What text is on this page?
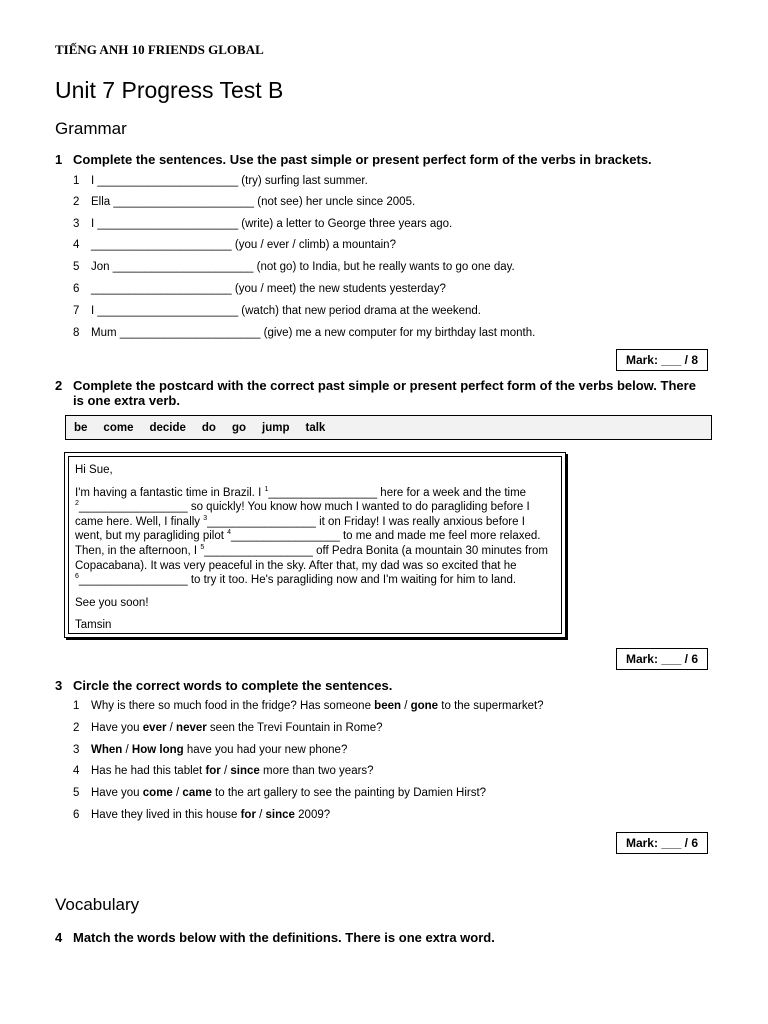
TIẾNG ANH 10 FRIENDS GLOBAL
Unit 7 Progress Test B
Grammar
1 Complete the sentences. Use the past simple or present perfect form of the verbs in brackets.
1 I ______________________ (try) surfing last summer.
2 Ella ______________________ (not see) her uncle since 2005.
3 I ______________________ (write) a letter to George three years ago.
4 ______________________ (you / ever / climb) a mountain?
5 Jon ______________________ (not go) to India, but he really wants to go one day.
6 ______________________ (you / meet) the new students yesterday?
7 I ______________________ (watch) that new period drama at the weekend.
8 Mum ______________________ (give) me a new computer for my birthday last month.
Mark: ___ / 8
2 Complete the postcard with the correct past simple or present perfect form of the verbs below. There is one extra verb.
be come decide do go jump talk

Hi Sue,

I'm having a fantastic time in Brazil. I $^1$_________________ here for a week and the time

$^2$_________________ so quickly! You know how much I wanted to do paragliding before I

came here. Well, I finally $^3$_________________ it on Friday! I was really anxious before I

went, but my paragliding pilot $^4$_________________ to me and made me feel more relaxed.

Then, in the afternoon, I $^5$_________________ off Pedra Bonita (a mountain 30 minutes from

Copacabana). It was very peaceful in the sky. After that, my dad was so excited that he

$^6$_________________ to try it too. He's paragliding now and I'm waiting for him to land.

See you soon!

Tamsin

Mark: ___ / 6
3 Circle the correct words to complete the sentences.
1 Why is there so much food in the fridge? Has someone been / gone to the supermarket?
2 Have you ever / never seen the Trevi Fountain in Rome?
3 When / How long have you had your new phone?
4 Has he had this tablet for / since more than two years?
5 Have you come / came to the art gallery to see the painting by Damien Hirst?
6 Have they lived in this house for / since 2009?
Mark: ___ / 6
Vocabulary
4 Match the words below with the definitions. There is one extra word.
